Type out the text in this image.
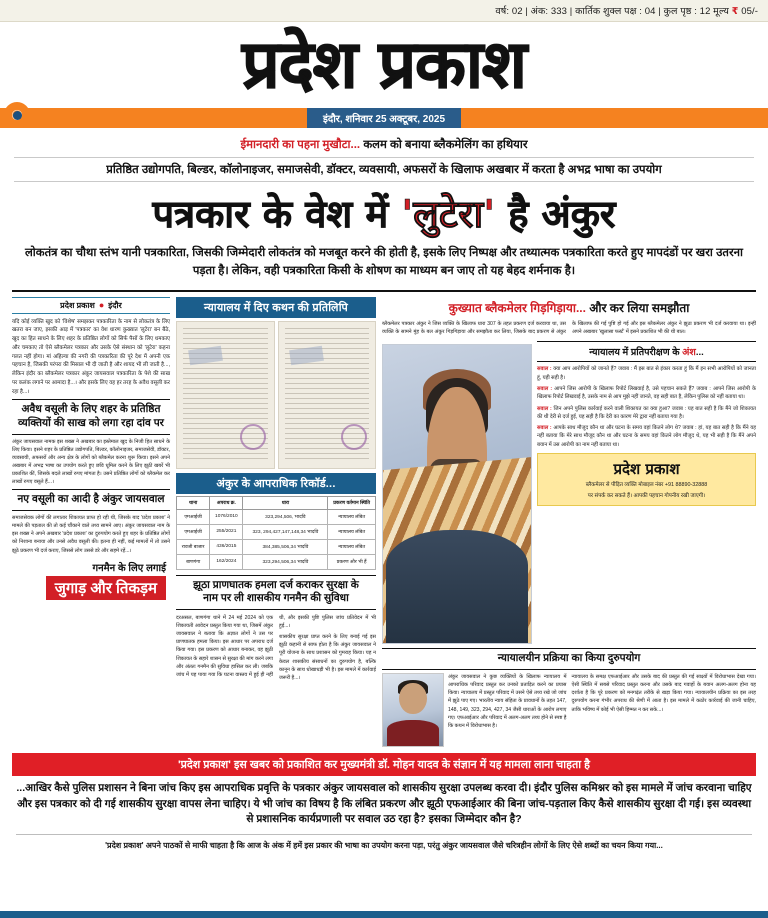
वर्ष: 02 | अंक: 333 | कार्तिक शुक्ल पक्ष : 04 | कुल पृष्ठ : 12 मूल्य ₹ 05/-
प्रदेश प्रकाश
इंदौर, शनिवार 25 अक्टूबर, 2025
ईमानदारी का पहना मुखौटा... कलम को बनाया ब्लैकमेलिंग का हथियार
प्रतिष्ठित उद्योगपति, बिल्डर, कॉलोनाइजर, समाजसेवी, डॉक्टर, व्यवसायी, अफसरों के खिलाफ अखबार में करता है अभद्र भाषा का उपयोग
पत्रकार के वेश में 'लुटेरा' है अंकुर
लोकतंत्र का चौथा स्तंभ यानी पत्रकारिता, जिसकी जिम्मेदारी लोकतंत्र को मजबूत करने की होती है, इसके लिए निष्पक्ष और तथ्यात्मक पत्रकारिता करते हुए मापदंडों पर खरा उतरना पड़ता है। लेकिन, वही पत्रकारिता किसी के शोषण का माध्यम बन जाए तो यह बेहद शर्मनाक है।
प्रदेश प्रकाश ● इंदौर

यदि कोई व्यक्ति खुद को 'विशेष' समझकर पत्रकारिता के नाम से लोकतंत्र के लिए खतरा बन जाए, इसकी आड़ में 'पत्रकार' का वेश धारण कुख्यात 'लुटेरा' बन बैठे, खुद का हित साधने के लिए शहर के प्रतिष्ठित लोगों को सिर्फ पैसों के लिए धमकाए और चमकाए तो ऐसे ब्लैकमेलर पत्रकार और उसके ऐसे संस्थान को 'लुटेरा' कहना गलत नहीं होगा। मां अहिल्या की नगरी की पत्रकारिता की पूरे देश में अपनी एक पहचान है, जिसकी परंपरा की मिसाल भी दी जाती है और शायद भी ली जाती है..., लेकिन इंदौर का ब्लैकमेलर पत्रकार अंकुर जायसवाल पत्रकारिता के पेशे की साख पर कलंक लगाने पर आमादा है...। और इसके लिए वह हर तरह के अवैध वसूली कर रहा है...।

अवैध वसूली के लिए शहर के प्रतिष्ठित व्यक्तियों की साख को लगा रहा दांव पर

अंकुर जायसवाल नामक इस शख्स ने अखबार का इस्तेमाल खुद के निजी हित साधने के लिए किया। इसने शहर के प्रतिष्ठित उद्योगपति, बिल्डर, कॉलोनाइजर, समाजसेवी, डॉक्टर, व्यवसायी, अफसरों और अन्य क्षेत्र के लोगों को ब्लैकमेल करना शुरू किया। इसने अपने अखबार में अभद्र भाषा का उपयोग करते हुए छवि धूमिल करने के लिए झूठी खबरें भी प्रकाशित कीं, जिसके बदले लाखों रुपए मांगता है। उसने प्रतिष्ठित लोगों को ब्लैकमेल कर लाखों रुपए वसूले हैं...।

नए वसूली का आदी है अंकुर जायसवाल

समाजसेवक लोगों की लगातार शिकायत प्राप्त हो रही थी, जिसके बाद 'प्रदेश प्रकाश' ने मामले की पड़ताल की तो कई चौंकाने वाले तथ्य सामने आए। अंकुर जायसवाल नाम के इस शख्स ने अपने अखबार 'प्रदेश प्रकाश' का दुरुपयोग करते हुए शहर के प्रतिष्ठित लोगों को निशाना बनाया और उनसे अवैध वसूली की। इतना ही नहीं, कई मामलों में तो उसने झूठे प्रकरण भी दर्ज कराए, जिससे लोग उससे डरे और सहमे रहें...।

गनमैन के लिए लगाई
जुगाड़ और तिकड़म
न्यायालय में दिए कथन की प्रतिलिपि
अंकुर के आपराधिक रिकॉर्ड...
थाना	अपराध क्र.	धारा	प्रकरण वर्तमान स्थिति
एमआईजी	1076/2010	323,294,506, भादवि	न्यायालय लंबित
एमआईजी	255/2021	323, 294,427,147,148,34 भादवि	न्यायालय लंबित
रावजी बाजार	436/2015	384,385,506,34 भादवि	न्यायालय लंबित
बाणगंगा	162/2024	323,294,506,34 भादवि	प्रकरण और भी हैं
झूठा प्राणघातक हमला दर्ज कराकर सुरक्षा के
नाम पर ली शासकीय गनमैन की सुविधा

दरअसल, बाणगंगा थाने में 24 मई 2024 को एक शिकायती आवेदन प्रस्तुत किया गया था, जिसमें अंकुर जायसवाल ने बताया कि अज्ञात लोगों ने उस पर प्राणघातक हमला किया। इस आधार पर अपराध दर्ज किया गया। इस प्रकरण को आधार बनाकर, वह झूठी शिकायत के सहारे शासन से सुरक्षा की मांग करने लगा और अंततः गनमैन की सुविधा हासिल कर ली। जबकि जांच में यह पाया गया कि घटना वास्तव में हुई ही नहीं थी, और इसकी पुष्टि पुलिस जांच प्रतिवेदन में भी हुई...।

शासकीय सुरक्षा प्राप्त करने के लिए बनाई गई इस झूठी कहानी से साफ होता है कि अंकुर जायसवाल ने पूरी योजना के साथ प्रशासन को गुमराह किया। यह न केवल शासकीय संसाधनों का दुरुपयोग है, बल्कि कानून के साथ धोखाधड़ी भी है। इस मामले में कार्रवाई जरूरी है...।

कुख्यात ब्लैकमेलर गिड़गिड़ाया... और कर लिया समझौता

ब्लैकमेलर पत्रकार अंकुर ने जिस व्यक्ति के खिलाफ धारा 307 के तहत प्रकरण दर्ज करवाया था, उस व्यक्ति के सामने मुंह के बल अंकुर गिड़गिड़ाया और समझौता कर लिया, जिसके बाद प्रकरण से अंकुर के खिलाफ की गई पुष्टि हो गई और इस ब्लैकमेलर अंकुर ने झूठा प्रकरण भी दर्ज करवाया था। इन्हीं अपने अखबार 'खुलासा फर्स्ट' में इसने प्रकाशित भी की थी बात।

न्यायालय में प्रतिपरीक्षण के अंश...

सवाल : क्या आप आरोपियों को जानते हैं? जवाब : मैं इस बात से इंकार करता हूं कि मैं इन सभी आरोपियों को जानता हूं, यही सही है।

सवाल : आपने जिस आरोपी के खिलाफ रिपोर्ट लिखवाई है, उसे पहचान सकते हैं? जवाब : आपने जिस आरोपी के खिलाफ रिपोर्ट लिखवाई है, उसके नाम से आप मुझे नहीं जानते, वह सही बात है, लेकिन पुलिस को नहीं बताया था।

सवाल : जिन अपने पुलिस कार्रवाई करने वाली शिकायत का क्या हुआ? जवाब : यह बात सही है कि मैंने जो शिकायत की थी देरी से दर्ज हुई, यह सही है कि देरी का कारण मेरे द्वारा नहीं बताया गया है।

सवाल : आपके साथ मौजूद कौन था और घटना के समय वहां कितने लोग थे? जवाब : हां, यह बात सही है कि मैंने यह नहीं बताया कि मेरे साथ मौजूद कौन था और घटना के समय वहां कितने लोग मौजूद थे, यह भी सही है कि मैंने अपने बयान में उस आरोपी का नाम नहीं बताया था।

प्रदेश प्रकाश
ब्लैकमेलर से पीड़ित व्यक्ति मोबाइल नंबर +91 88890-32888
पर संपर्क कर सकते हैं। आपकी पहचान गोपनीय रखी जाएगी।
न्यायालयीन प्रक्रिया का किया दुरुपयोग

अंकुर जायसवाल ने कुछ व्यक्तियों के खिलाफ न्यायालय में आपराधिक परिवाद प्रस्तुत कर उनको प्रताड़ित करने का प्रयास किया। न्यायालय में प्रस्तुत परिवाद में उसने ऐसे तथ्य रखे जो जांच में झूठे पाए गए। भारतीय न्याय संहिता के प्रावधानों के तहत 147, 148, 149, 323, 294, 427, 34 जैसी धाराओं के आरोप लगाए गए। एफआईआर और परिवाद में अलग-अलग तथ्य होने से स्पष्ट है कि कथन में विरोधाभास है।

न्यायालय के समक्ष एफआईआर और उसके बाद की प्रस्तुत की गई साक्ष्यों में विरोधाभास देखा गया। ऐसी स्थिति में सबसे परिवाद प्रस्तुत करना और उसके बाद गवाहों के बयान अलग-अलग होना यह दर्शाता है कि पूरे प्रकरण को मनगढ़ंत तरीके से खड़ा किया गया। न्यायालयीन प्रक्रिया का इस तरह दुरुपयोग करना गंभीर अपराध की श्रेणी में आता है। इस मामले में कठोर कार्रवाई की जानी चाहिए, ताकि भविष्य में कोई भी ऐसी हिम्मत न कर सके...।

'प्रदेश प्रकाश' इस खबर को प्रकाशित कर मुख्यमंत्री डॉ. मोहन यादव के संज्ञान में यह मामला लाना चाहता है
...आखिर कैसे पुलिस प्रशासन ने बिना जांच किए इस आपराधिक प्रवृत्ति के पत्रकार अंकुर जायसवाल को शासकीय सुरक्षा उपलब्ध करवा दी। इंदौर पुलिस कमिश्नर को इस मामले में जांच करवाना चाहिए और इस पत्रकार को दी गई शासकीय सुरक्षा वापस लेना चाहिए। ये भी जांच का विषय है कि लंबित प्रकरण और झूठी एफआईआर की बिना जांच-पड़ताल किए कैसे शासकीय सुरक्षा दी गई। इस व्यवस्था से प्रशासनिक कार्यप्रणाली पर सवाल उठ रहा है? इसका जिम्मेदार कौन है?
'प्रदेश प्रकाश' अपने पाठकों से माफी चाहता है कि आज के अंक में हमें इस प्रकार की भाषा का उपयोग करना पड़ा, परंतु अंकुर जायसवाल जैसे चरित्रहीन लोगों के लिए ऐसे शब्दों का चयन किया गया...
